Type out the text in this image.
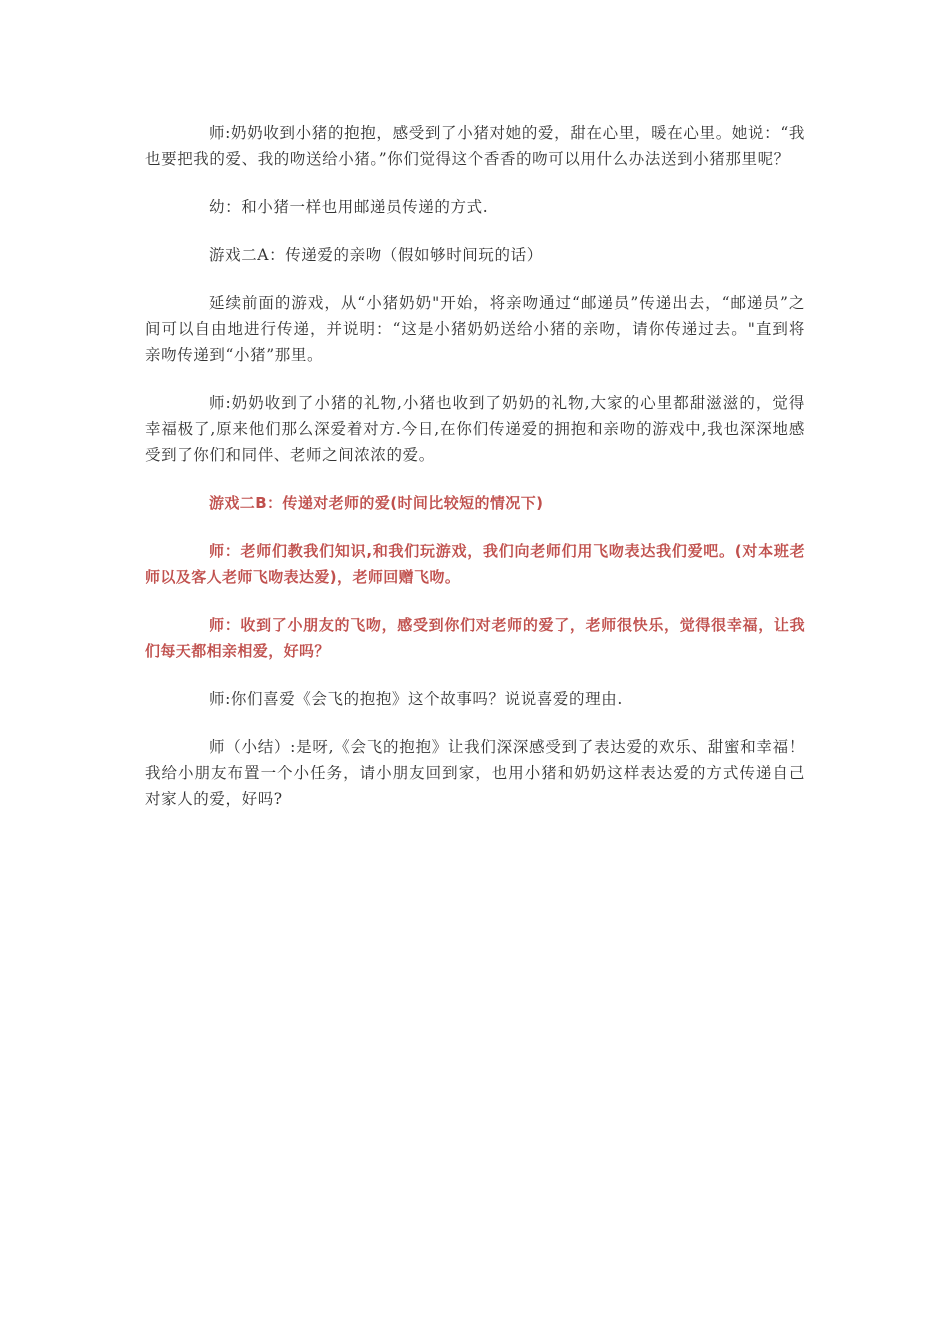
师:奶奶收到小猪的抱抱，感受到了小猪对她的爱，甜在心里，暖在心里。她说：“我也要把我的爱、我的吻送给小猪。”你们觉得这个香香的吻可以用什么办法送到小猪那里呢？

幼：和小猪一样也用邮递员传递的方式.

游戏二A：传递爱的亲吻（假如够时间玩的话）

延续前面的游戏，从“小猪奶奶"开始，将亲吻通过“邮递员”传递出去，“邮递员”之间可以自由地进行传递，并说明：“这是小猪奶奶送给小猪的亲吻，请你传递过去。"直到将亲吻传递到“小猪”那里。

师:奶奶收到了小猪的礼物,小猪也收到了奶奶的礼物,大家的心里都甜滋滋的，觉得幸福极了,原来他们那么深爱着对方.今日,在你们传递爱的拥抱和亲吻的游戏中,我也深深地感受到了你们和同伴、老师之间浓浓的爱。

游戏二B：传递对老师的爱(时间比较短的情况下)

师：老师们教我们知识,和我们玩游戏，我们向老师们用飞吻表达我们爱吧。(对本班老师以及客人老师飞吻表达爱)，老师回赠飞吻。

师：收到了小朋友的飞吻，感受到你们对老师的爱了，老师很快乐，觉得很幸福，让我们每天都相亲相爱，好吗？

师:你们喜爱《会飞的抱抱》这个故事吗？说说喜爱的理由.

师（小结）:是呀,《会飞的抱抱》让我们深深感受到了表达爱的欢乐、甜蜜和幸福！ 我给小朋友布置一个小任务，请小朋友回到家，也用小猪和奶奶这样表达爱的方式传递自己对家人的爱，好吗?
